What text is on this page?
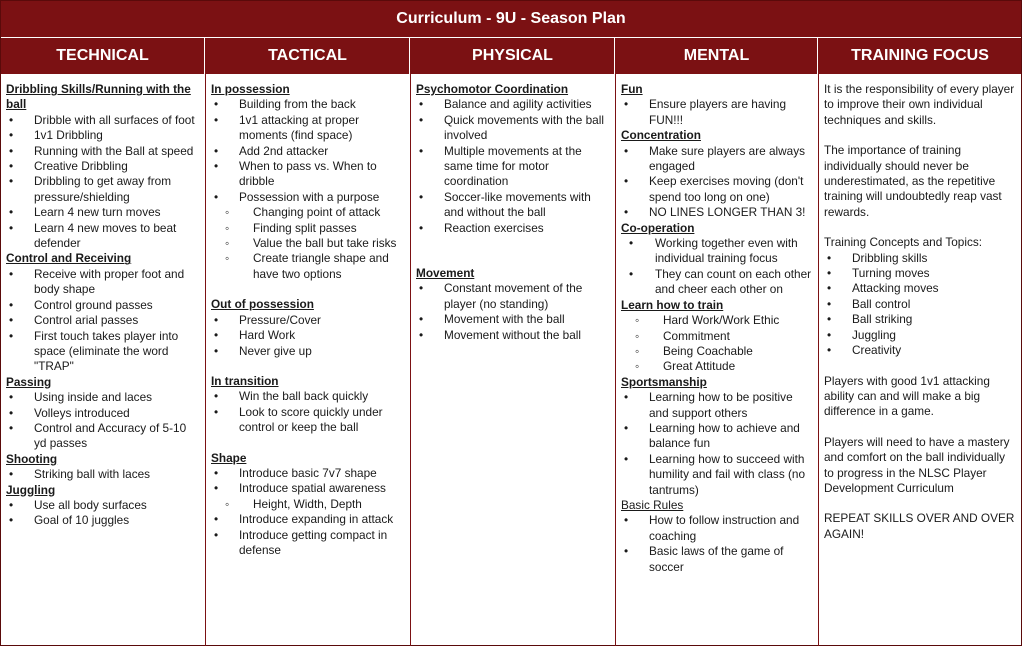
Curriculum - 9U - Season Plan
TECHNICAL
Dribbling Skills/Running with the ball
• Dribble with all surfaces of foot
• 1v1 Dribbling
• Running with the Ball at speed
• Creative Dribbling
• Dribbling to get away from pressure/shielding
• Learn 4 new turn moves
• Learn 4 new moves to beat defender
Control and Receiving
• Receive with proper foot and body shape
• Control ground passes
• Control arial passes
• First touch takes player into space (eliminate the word "TRAP"
Passing
• Using inside and laces
• Volleys introduced
• Control and Accuracy of 5-10 yd passes
Shooting
• Striking ball with laces
Juggling
• Use all body surfaces
• Goal of 10 juggles
TACTICAL
In possession
• Building from the back
• 1v1 attacking at proper moments (find space)
• Add 2nd attacker
• When to pass vs. When to dribble
• Possession with a purpose
◦ Changing point of attack
◦ Finding split passes
◦ Value the ball but take risks
◦ Create triangle shape and have two options
Out of possession
• Pressure/Cover
• Hard Work
• Never give up
In transition
• Win the ball back quickly
• Look to score quickly under control or keep the ball
Shape
• Introduce basic 7v7 shape
• Introduce spatial awareness
◦ Height, Width, Depth
• Introduce expanding in attack
• Introduce getting compact in defense
PHYSICAL
Psychomotor Coordination
• Balance and agility activities
• Quick movements with the ball involved
• Multiple movements at the same time for motor coordination
• Soccer-like movements with and without the ball
• Reaction exercises
Movement
• Constant movement of the player (no standing)
• Movement with the ball
• Movement without the ball
MENTAL
Fun
• Ensure players are having FUN!!!
Concentration
• Make sure players are always engaged
• Keep exercises moving (don't spend too long on one)
• NO LINES LONGER THAN 3!
Co-operation
• Working together even with individual training focus
• They can count on each other and cheer each other on
Learn how to train
◦ Hard Work/Work Ethic
◦ Commitment
◦ Being Coachable
◦ Great Attitude
Sportsmanship
• Learning how to be positive and support others
• Learning how to achieve and balance fun
• Learning how to succeed with humility and fail with class (no tantrums)
Basic Rules
• How to follow instruction and coaching
• Basic laws of the game of soccer
TRAINING FOCUS

It is the responsibility of every player to improve their own individual techniques and skills.

The importance of training individually should never be underestimated, as the repetitive training will undoubtedly reap vast rewards.

Training Concepts and Topics:
• Dribbling skills
• Turning moves
• Attacking moves
• Ball control
• Ball striking
• Juggling
• Creativity

Players with good 1v1 attacking ability can and will make a big difference in a game.

Players will need to have a mastery and comfort on the ball individually to progress in the NLSC Player Development Curriculum

REPEAT SKILLS OVER AND OVER AGAIN!
